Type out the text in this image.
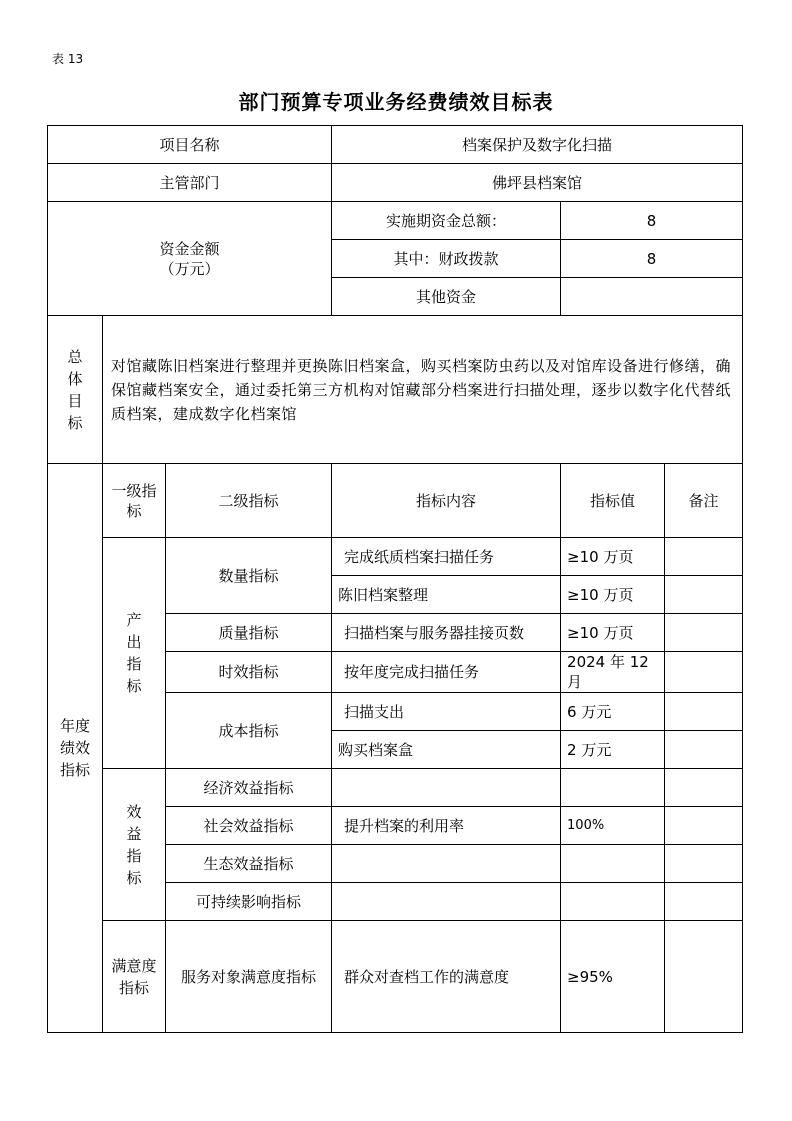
表 13
部门预算专项业务经费绩效目标表
项目名称			档案保护及数字化扫描		
主管部门			佛坪县档案馆		

资金金额
（万元）			实施期资金总额：	8	
			其中：财政拨款	8	
			其他资金		

总体目标	对馆藏陈旧档案进行整理并更换陈旧档案盒，购买档案防虫药以及对馆库设备进行修缮，确保馆藏档案安全，通过委托第三方机构对馆藏部分档案进行扫描处理，逐步以数字化代替纸质档案，建成数字化档案馆				

年度绩效指标	一级指标	二级指标	指标内容	指标值	备注

	产出指标	数量指标	完成纸质档案扫描任务	≥10 万页	
			陈旧档案整理	≥10 万页	
		质量指标	扫描档案与服务器挂接页数	≥10 万页	
		时效指标	按年度完成扫描任务	2024 年 12 月	
		成本指标	扫描支出	6 万元	
			购买档案盒	2 万元	

	效益指标	经济效益指标			
		社会效益指标	提升档案的利用率	100%	
		生态效益指标			
		可持续影响指标			

	满意度指标	服务对象满意度指标	群众对查档工作的满意度	≥95%	
